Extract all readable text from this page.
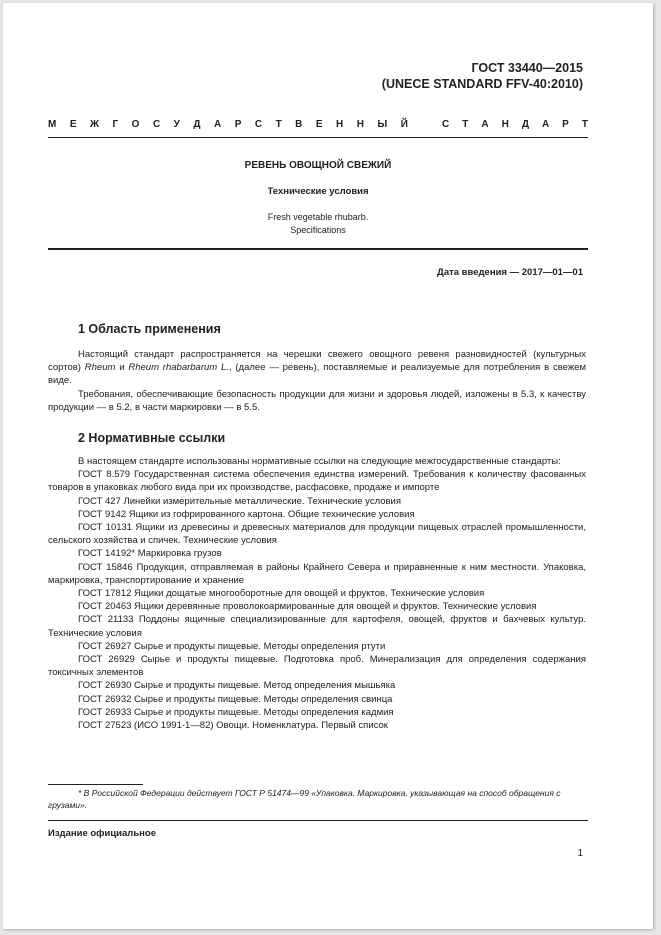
ГОСТ 33440—2015
(UNECE STANDARD FFV-40:2010)
М Е Ж Г О С У Д А Р С Т В Е Н Н Ы Й	С Т А Н Д А Р Т
РЕВЕНЬ ОВОЩНОЙ СВЕЖИЙ
Технические условия
Fresh vegetable rhubarb.
Specifications
Дата введения — 2017—01—01
1 Область применения

Настоящий стандарт распространяется на черешки свежего овощного ревеня разновидностей (культурных сортов) Rheum и Rheum rhabarbarum L., (далее — ревень), поставляемые и реализуемые для потребления в свежем виде.

Требования, обеспечивающие безопасность продукции для жизни и здоровья людей, изложены в 5.3, к качеству продукции — в 5.2, в части маркировки — в 5.5.

2 Нормативные ссылки

В настоящем стандарте использованы нормативные ссылки на следующие межгосударственные стандарты:

ГОСТ 8.579 Государственная система обеспечения единства измерений. Требования к количеству фасованных товаров в упаковках любого вида при их производстве, расфасовке, продаже и импорте

ГОСТ 427 Линейки измерительные металлические. Технические условия

ГОСТ 9142 Ящики из гофрированного картона. Общие технические условия

ГОСТ 10131 Ящики из древесины и древесных материалов для продукции пищевых отраслей промышленности, сельского хозяйства и спичек. Технические условия

ГОСТ 14192* Маркировка грузов

ГОСТ 15846 Продукция, отправляемая в районы Крайнего Севера и приравненные к ним местности. Упаковка, маркировка, транспортирование и хранение

ГОСТ 17812 Ящики дощатые многооборотные для овощей и фруктов. Технические условия

ГОСТ 20463 Ящики деревянные проволокоармированные для овощей и фруктов. Технические условия

ГОСТ 21133 Поддоны ящичные специализированные для картофеля, овощей, фруктов и бахчевых культур. Технические условия

ГОСТ 26927 Сырье и продукты пищевые. Методы определения ртути

ГОСТ 26929 Сырье и продукты пищевые. Подготовка проб. Минерализация для определения содержания токсичных элементов

ГОСТ 26930 Сырье и продукты пищевые. Метод определения мышьяка

ГОСТ 26932 Сырье и продукты пищевые. Методы определения свинца

ГОСТ 26933 Сырье и продукты пищевые. Методы определения кадмия

ГОСТ 27523 (ИСО 1991-1—82) Овощи. Номенклатура. Первый список

* В Российской Федерации действует ГОСТ Р 51474—99 «Упаковка. Маркировка, указывающая на способ обращения с грузами».
Издание официальное
1
